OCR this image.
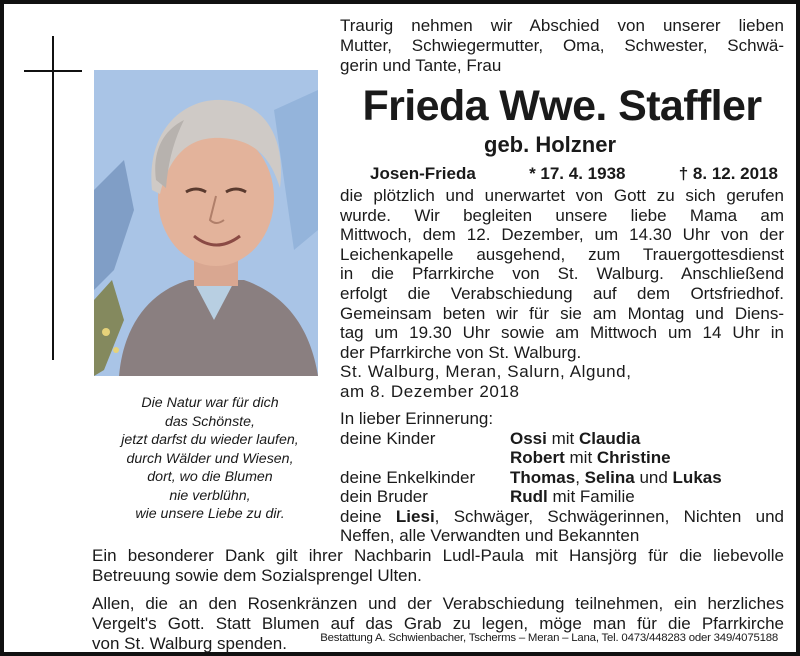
Die Natur war für dich
das Schönste,
jetzt darfst du wieder laufen,
durch Wälder und Wiesen,
dort, wo die Blumen
nie verblühn,
wie unsere Liebe zu dir.
Traurig nehmen wir Abschied von unserer lieben
Mutter, Schwiegermutter, Oma, Schwester, Schwä-
gerin und Tante, Frau
Frieda Wwe. Staffler
geb. Holzner
Josen-Frieda	* 17. 4. 1938	† 8. 12. 2018
die plötzlich und unerwartet von Gott zu sich gerufen
wurde. Wir begleiten unsere liebe Mama am
Mittwoch, dem 12. Dezember, um 14.30 Uhr von der
Leichenkapelle ausgehend, zum Trauergottesdienst
in die Pfarrkirche von St. Walburg. Anschließend
erfolgt die Verabschiedung auf dem Ortsfriedhof.
Gemeinsam beten wir für sie am Montag und Diens-
tag um 19.30 Uhr sowie am Mittwoch um 14 Uhr in
der Pfarrkirche von St. Walburg.
St. Walburg, Meran, Salurn, Algund,
am 8. Dezember 2018
In lieber Erinnerung:
deine Kinder	Ossi mit Claudia
Robert mit Christine
deine Enkelkinder Thomas, Selina und Lukas
dein Bruder	Rudl mit Familie
deine Liesi, Schwäger, Schwägerinnen, Nichten und
Neffen, alle Verwandten und Bekannten
Ein besonderer Dank gilt ihrer Nachbarin Ludl-Paula mit Hansjörg für die liebevolle
Betreuung sowie dem Sozialsprengel Ulten.
Allen, die an den Rosenkränzen und der Verabschiedung teilnehmen, ein herzliches
Vergelt's Gott. Statt Blumen auf das Grab zu legen, möge man für die Pfarrkirche
von St. Walburg spenden.	Bestattung A. Schwienbacher, Tscherms – Meran – Lana, Tel. 0473/448283 oder 349/4075188
